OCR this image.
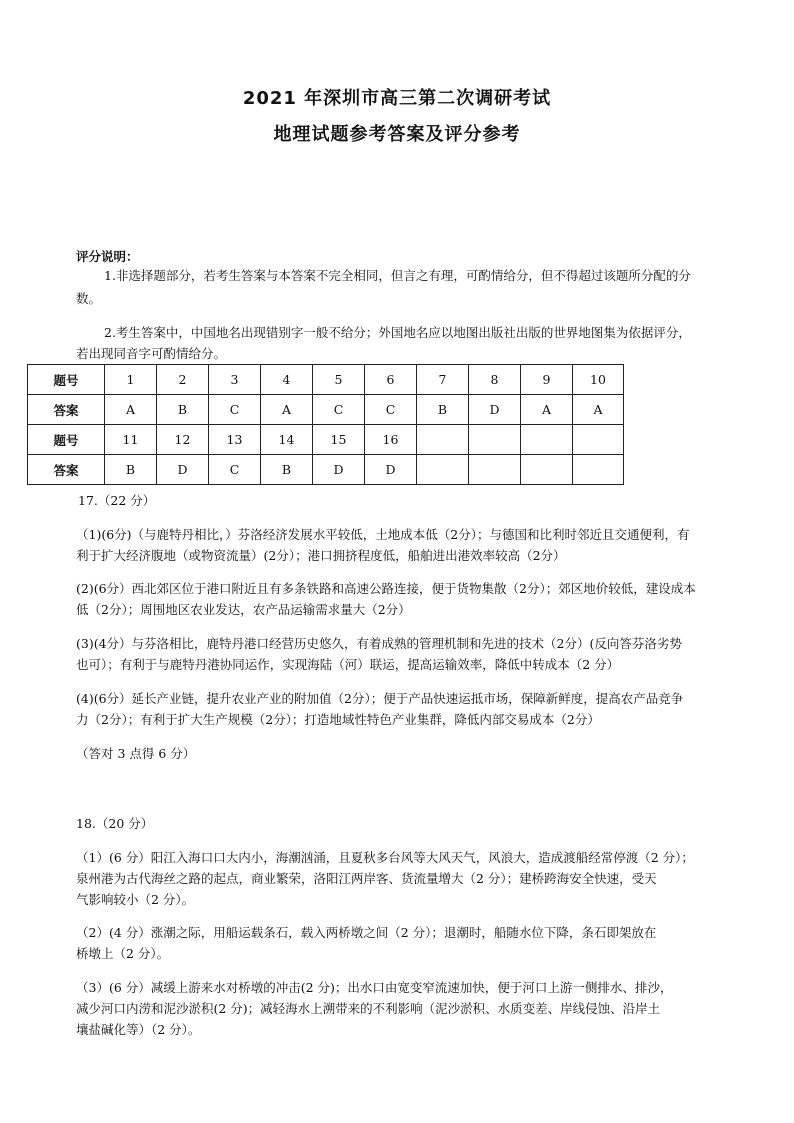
2021 年深圳市高三第二次调研考试
地理试题参考答案及评分参考
评分说明：
1.非选择题部分，若考生答案与本答案不完全相同，但言之有理，可酌情给分，但不得超过该题所分配的分
数。
2.考生答案中，中国地名出现错别字一般不给分；外国地名应以地图出版社出版的世界地图集为依据评分，
若出现同音字可酌情给分。
题号	1	2	3	4	5	6	7	8	9	10
答案	A	B	C	A	C	C	B	D	A	A
题号	11	12	13	14	15	16				
答案	B	D	C	B	D	D				
17.（22 分）
（1)(6分)（与鹿特丹相比，）芬洛经济发展水平较低，土地成本低（2分）；与德国和比利时邻近且交通便利，有
利于扩大经济腹地（或物资流量）(2分）；港口拥挤程度低，船舶进出港效率较高（2分）
(2)(6分）西北郊区位于港口附近且有多条铁路和高速公路连接，便于货物集散（2分）；郊区地价较低，建设成本
低（2分）；周围地区农业发达，农产品运输需求量大（2分）
(3)(4分）与芬洛相比，鹿特丹港口经营历史悠久，有着成熟的管理机制和先进的技术（2分）(反向答芬洛劣势
也可）；有利于与鹿特丹港协同运作，实现海陆（河）联运，提高运输效率，降低中转成本（2 分）
(4)(6分）延长产业链，提升农业产业的附加值（2分）；便于产品快速运抵市场，保障新鲜度，提高农产品竞争
力（2分）；有利于扩大生产规模（2分）；打造地域性特色产业集群，降低内部交易成本（2分）
（答对 3 点得 6 分）
18.（20 分）
（1）(6 分）阳江入海口口大内小，海潮汹涌，且夏秋多台风等大风天气，风浪大，造成渡船经常停渡（2 分）；
泉州港为古代海丝之路的起点，商业繁荣，洛阳江两岸客、货流量增大（2 分）；建桥跨海安全快速，受天
气影响较小（2 分）。
（2）(4 分）涨潮之际，用船运载条石，载入两桥墩之间（2 分）；退潮时，船随水位下降，条石即架放在
桥墩上（2 分）。
（3）(6 分）减缓上游来水对桥墩的冲击(2 分)；出水口由宽变窄流速加快，便于河口上游一侧排水、排沙，
减少河口内涝和泥沙淤积(2 分)；减轻海水上溯带来的不利影响（泥沙淤积、水质变差、岸线侵蚀、沿岸土
壤盐碱化等）（2 分）。
